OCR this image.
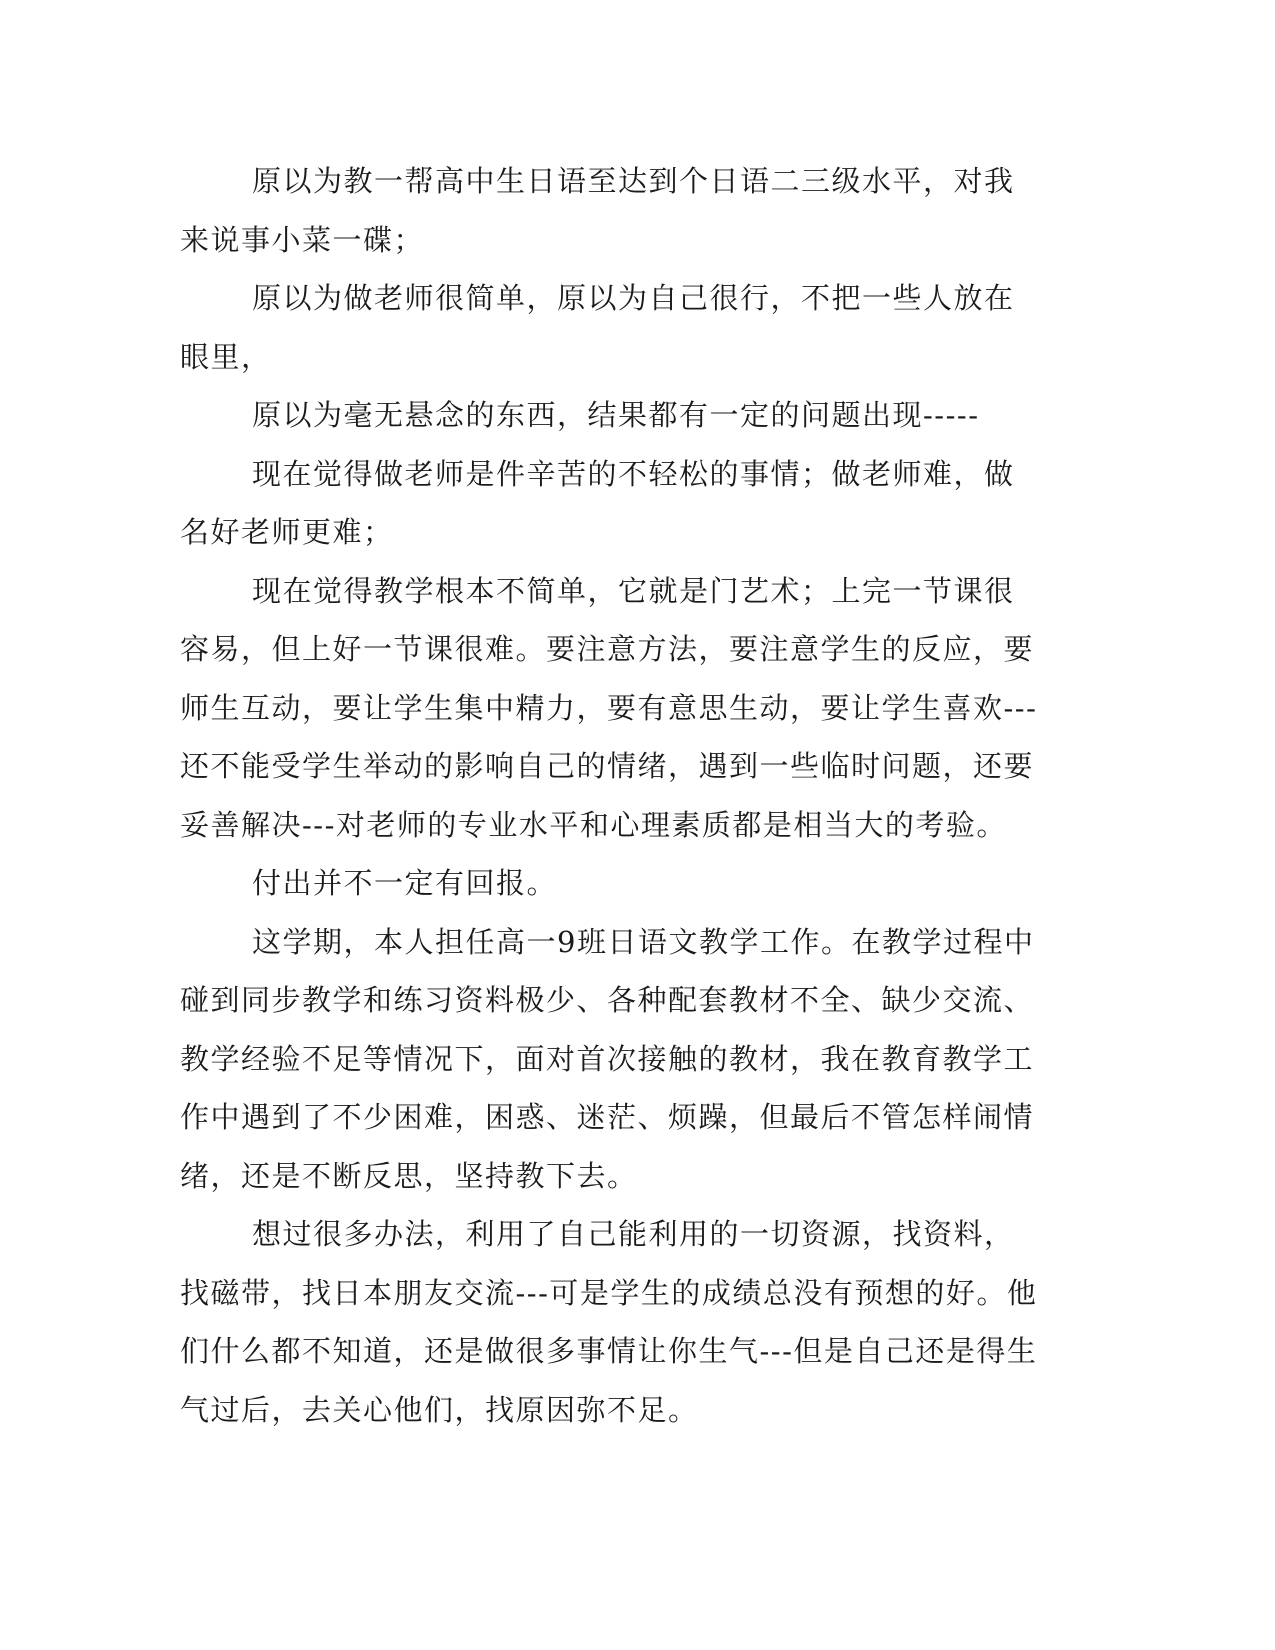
原以为教一帮高中生日语至达到个日语二三级水平，对我来说事小菜一碟；

原以为做老师很简单，原以为自己很行，不把一些人放在眼里，

原以为毫无悬念的东西，结果都有一定的问题出现-----

现在觉得做老师是件辛苦的不轻松的事情；做老师难，做名好老师更难；

现在觉得教学根本不简单，它就是门艺术；上完一节课很容易，但上好一节课很难。要注意方法，要注意学生的反应，要师生互动，要让学生集中精力，要有意思生动，要让学生喜欢---还不能受学生举动的影响自己的情绪，遇到一些临时问题，还要妥善解决---对老师的专业水平和心理素质都是相当大的考验。

付出并不一定有回报。

这学期，本人担任高一9班日语文教学工作。在教学过程中碰到同步教学和练习资料极少、各种配套教材不全、缺少交流、教学经验不足等情况下，面对首次接触的教材，我在教育教学工作中遇到了不少困难，困惑、迷茫、烦躁，但最后不管怎样闹情绪，还是不断反思，坚持教下去。

想过很多办法，利用了自己能利用的一切资源，找资料，找磁带，找日本朋友交流---可是学生的成绩总没有预想的好。他们什么都不知道，还是做很多事情让你生气---但是自己还是得生气过后，去关心他们，找原因弥不足。
